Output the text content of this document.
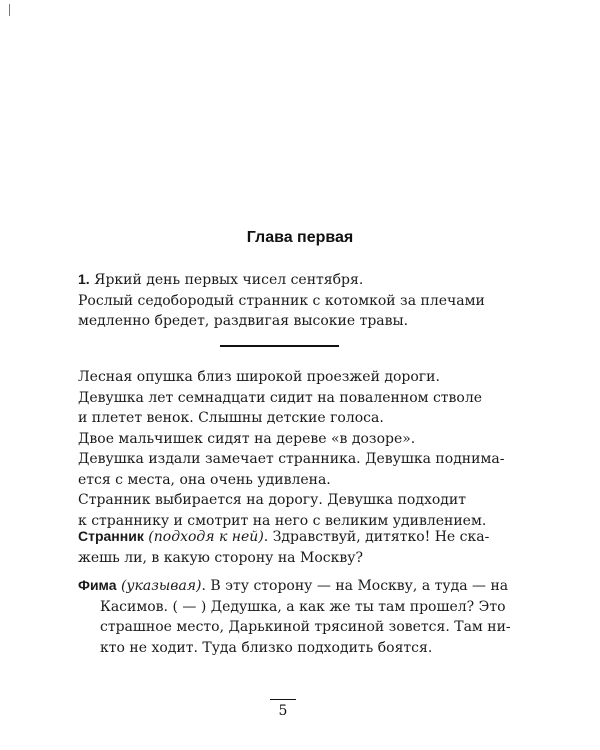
Глава первая
1. Яркий день первых чисел сентября.
Рослый седобородый странник с котомкой за плечами
медленно бредет, раздвигая высокие травы.
Лесная опушка близ широкой проезжей дороги.
Девушка лет семнадцати сидит на поваленном стволе
и плетет венок. Слышны детские голоса.
Двое мальчишек сидят на дереве «в дозоре».
Девушка издали замечает странника. Девушка поднима-
ется с места, она очень удивлена.
Странник выбирается на дорогу. Девушка подходит
к страннику и смотрит на него с великим удивлением.
Странник (подходя к ней). Здравствуй, дитятко! Не ска-
жешь ли, в какую сторону на Москву?
Фима (указывая). В эту сторону — на Москву, а туда — на
Касимов. ( — ) Дедушка, а как же ты там прошел? Это
страшное место, Дарькиной трясиной зовется. Там ни-
кто не ходит. Туда близко подходить боятся.
5
